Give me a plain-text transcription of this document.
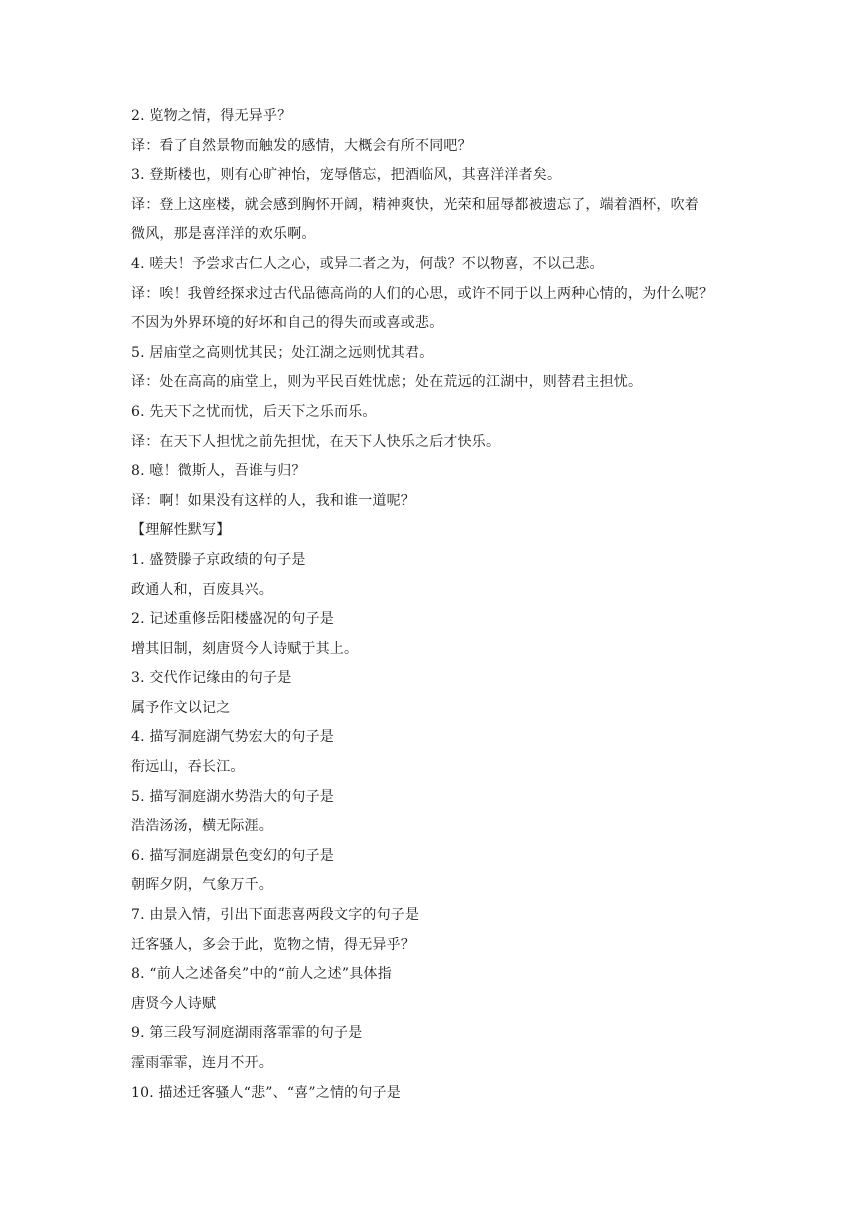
2. 览物之情，得无异乎？
译：看了自然景物而触发的感情，大概会有所不同吧？
3. 登斯楼也，则有心旷神怡，宠辱偕忘，把酒临风，其喜洋洋者矣。
译：登上这座楼，就会感到胸怀开阔，精神爽快，光荣和屈辱都被遗忘了，端着酒杯，吹着
微风，那是喜洋洋的欢乐啊。
4. 嗟夫！予尝求古仁人之心，或异二者之为，何哉？不以物喜，不以己悲。
译：唉！我曾经探求过古代品德高尚的人们的心思，或许不同于以上两种心情的，为什么呢？
不因为外界环境的好坏和自己的得失而或喜或悲。
5. 居庙堂之高则忧其民；处江湖之远则忧其君。
译：处在高高的庙堂上，则为平民百姓忧虑；处在荒远的江湖中，则替君主担忧。
6. 先天下之忧而忧，后天下之乐而乐。
译：在天下人担忧之前先担忧，在天下人快乐之后才快乐。
8. 噫！微斯人，吾谁与归？
译：啊！如果没有这样的人，我和谁一道呢？
【理解性默写】
1. 盛赞滕子京政绩的句子是
政通人和，百废具兴。
2. 记述重修岳阳楼盛况的句子是
增其旧制，刻唐贤今人诗赋于其上。
3. 交代作记缘由的句子是
属予作文以记之
4. 描写洞庭湖气势宏大的句子是
衔远山，吞长江。
5. 描写洞庭湖水势浩大的句子是
浩浩汤汤，横无际涯。
6. 描写洞庭湖景色变幻的句子是
朝晖夕阴，气象万千。
7. 由景入情，引出下面悲喜两段文字的句子是
迁客骚人，多会于此，览物之情，得无异乎？
8. “前人之述备矣”中的“前人之述”具体指
唐贤今人诗赋
9. 第三段写洞庭湖雨落霏霏的句子是
霪雨霏霏，连月不开。
10. 描述迁客骚人“悲”、“喜”之情的句子是
